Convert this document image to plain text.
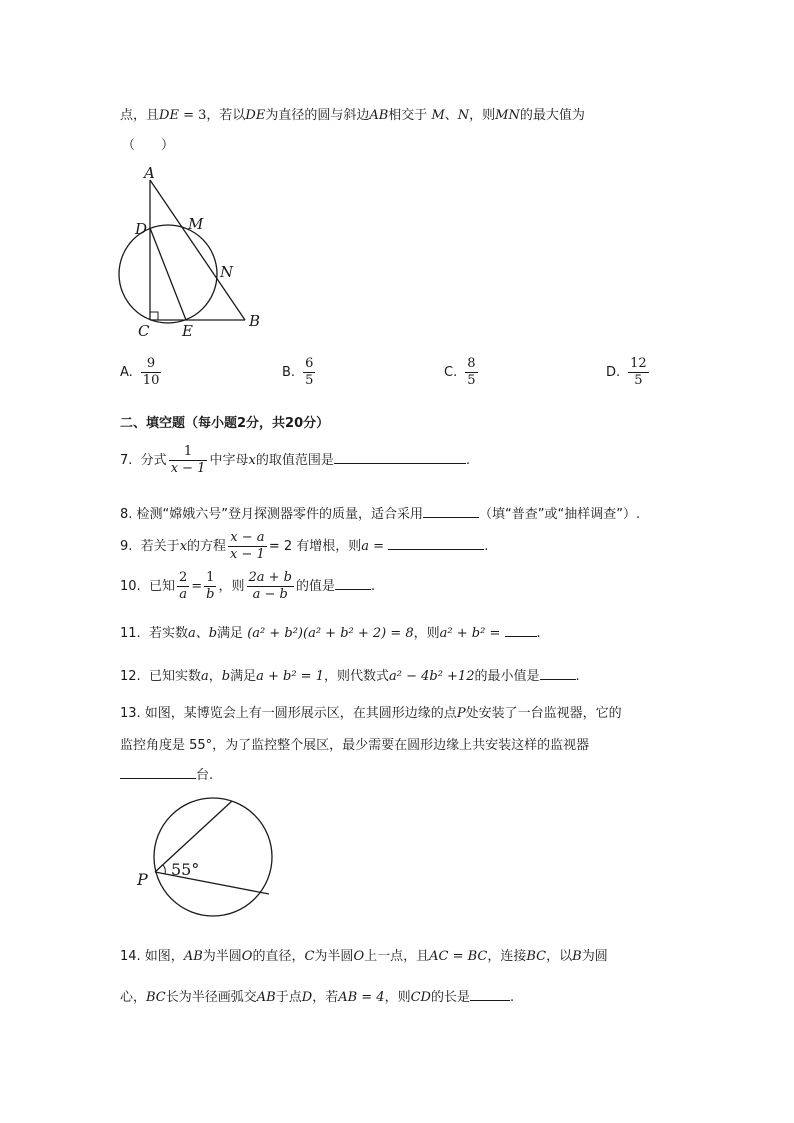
点，且DE = 3，若以DE为直径的圆与斜边AB相交于 M、N，则MN的最大值为
（　　）
A
D	M
N
C E
B
A. $\frac{9}{10}$	B. $\frac{6}{5}$	C. $\frac{8}{5}$	D. $\frac{12}{5}$
二、填空题（每小题2分，共20分）
7. 分式 $\frac{1}{x - 1}$ 中字母x的取值范围是	.
8. 检测“嫦娥六号”登月探测器零件的质量，适合采用	（填“普查”或“抽样调查”）.
9. 若关于x的方程 $\frac{x - a}{x - 1} = 2$ 有增根，则a =	.
10. 已知 $\frac{2}{a} = \frac{1}{b}$ ，则 $\frac{2a + b}{a - b}$ 的值是	.
11. 若实数a、b满足 (a² + b²)(a² + b² + 2) = 8，则a² + b² =	.
12. 已知实数a，b满足a + b² = 1，则代数式a² − 4b² +12的最小值是	.
13. 如图，某博览会上有一圆形展示区，在其圆形边缘的点P处安装了一台监视器，它的
监控角度是 55°，为了监控整个展区，最少需要在圆形边缘上共安装这样的监视器
台.
P
55°
14. 如图，AB为半圆O的直径，C为半圆O上一点，且AC = BC，连接BC，以B为圆
心，BC长为半径画弧交AB于点D，若AB = 4，则CD的长是	.
